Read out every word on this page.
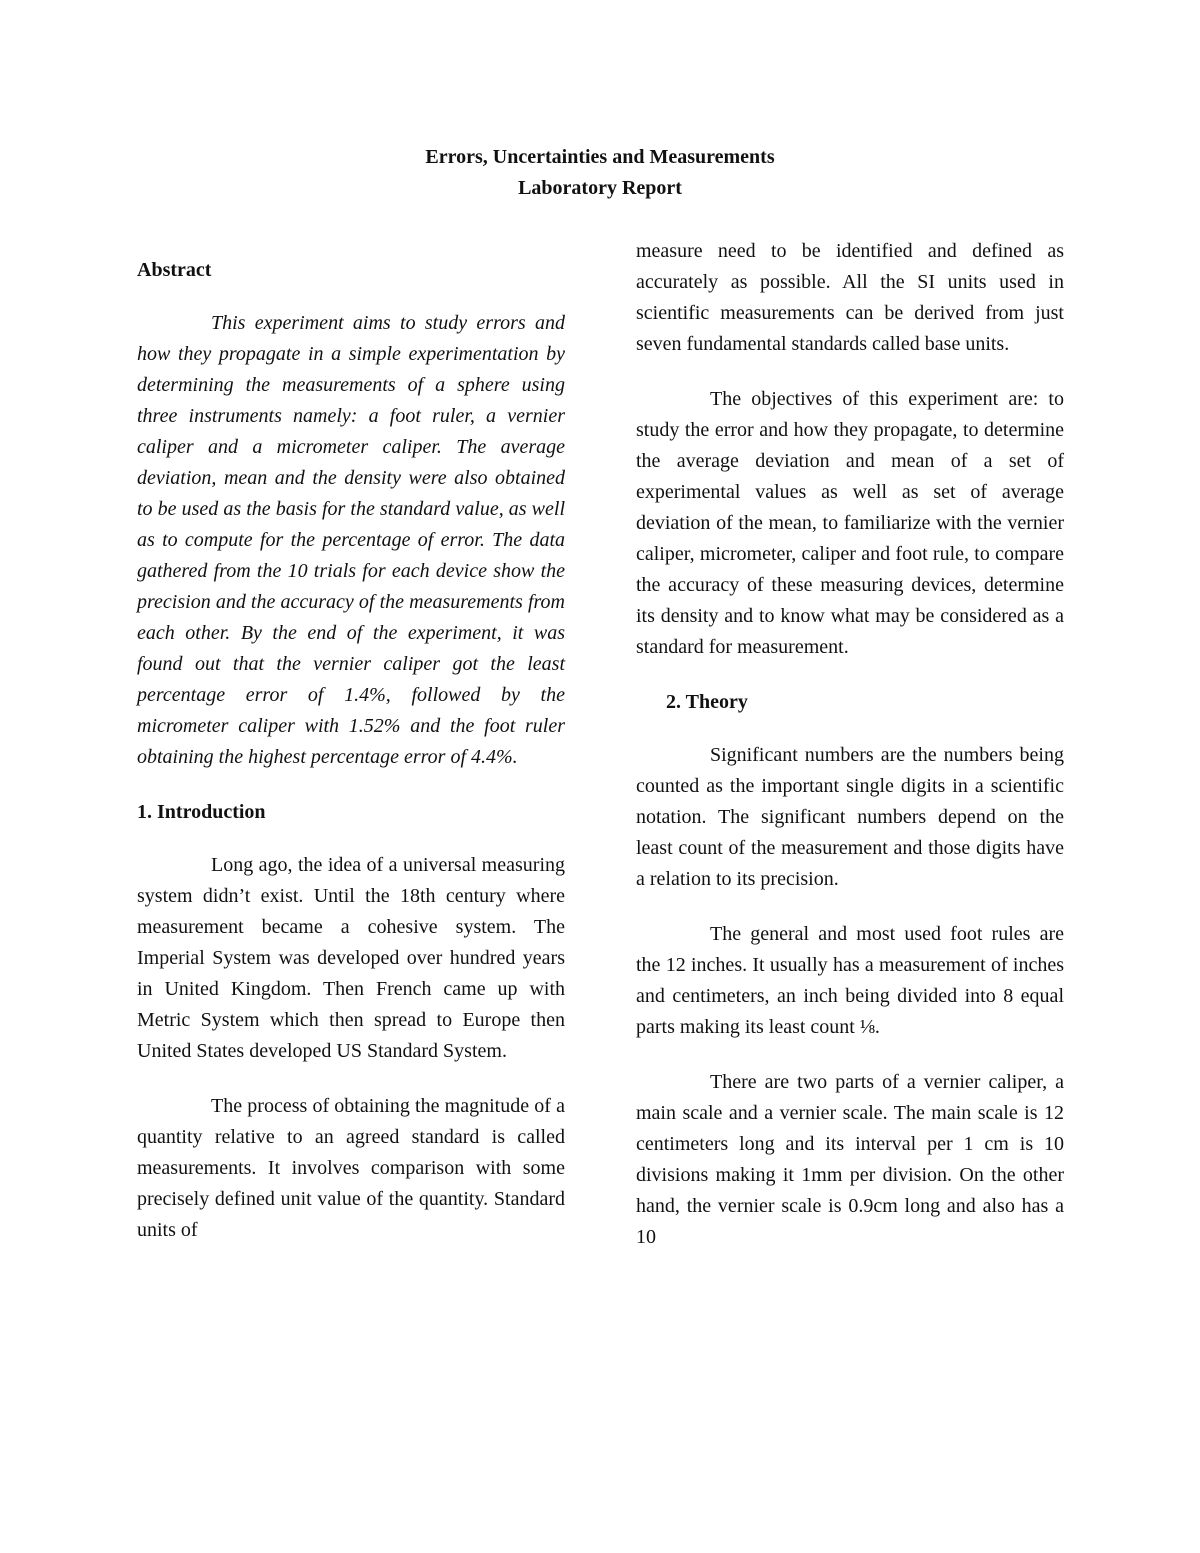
Errors, Uncertainties and Measurements
Laboratory Report
Abstract

This experiment aims to study errors and how they propagate in a simple experimentation by determining the measurements of a sphere using three instruments namely: a foot ruler, a vernier caliper and a micrometer caliper. The average deviation, mean and the density were also obtained to be used as the basis for the standard value, as well as to compute for the percentage of error. The data gathered from the 10 trials for each device show the precision and the accuracy of the measurements from each other. By the end of the experiment, it was found out that the vernier caliper got the least percentage error of 1.4%, followed by the micrometer caliper with 1.52% and the foot ruler obtaining the highest percentage error of 4.4%.

1. Introduction

Long ago, the idea of a universal measuring system didn’t exist. Until the 18th century where measurement became a cohesive system. The Imperial System was developed over hundred years in United Kingdom. Then French came up with Metric System which then spread to Europe then United States developed US Standard System.

The process of obtaining the magnitude of a quantity relative to an agreed standard is called measurements. It involves comparison with some precisely defined unit value of the quantity. Standard units of

measure need to be identified and defined as accurately as possible. All the SI units used in scientific measurements can be derived from just seven fundamental standards called base units.

The objectives of this experiment are: to study the error and how they propagate, to determine the average deviation and mean of a set of experimental values as well as set of average deviation of the mean, to familiarize with the vernier caliper, micrometer, caliper and foot rule, to compare the accuracy of these measuring devices, determine its density and to know what may be considered as a standard for measurement.

2. Theory

Significant numbers are the numbers being counted as the important single digits in a scientific notation. The significant numbers depend on the least count of the measurement and those digits have a relation to its precision.

The general and most used foot rules are the 12 inches. It usually has a measurement of inches and centimeters, an inch being divided into 8 equal parts making its least count ⅛.

There are two parts of a vernier caliper, a main scale and a vernier scale. The main scale is 12 centimeters long and its interval per 1 cm is 10 divisions making it 1mm per division. On the other hand, the vernier scale is 0.9cm long and also has a 10
